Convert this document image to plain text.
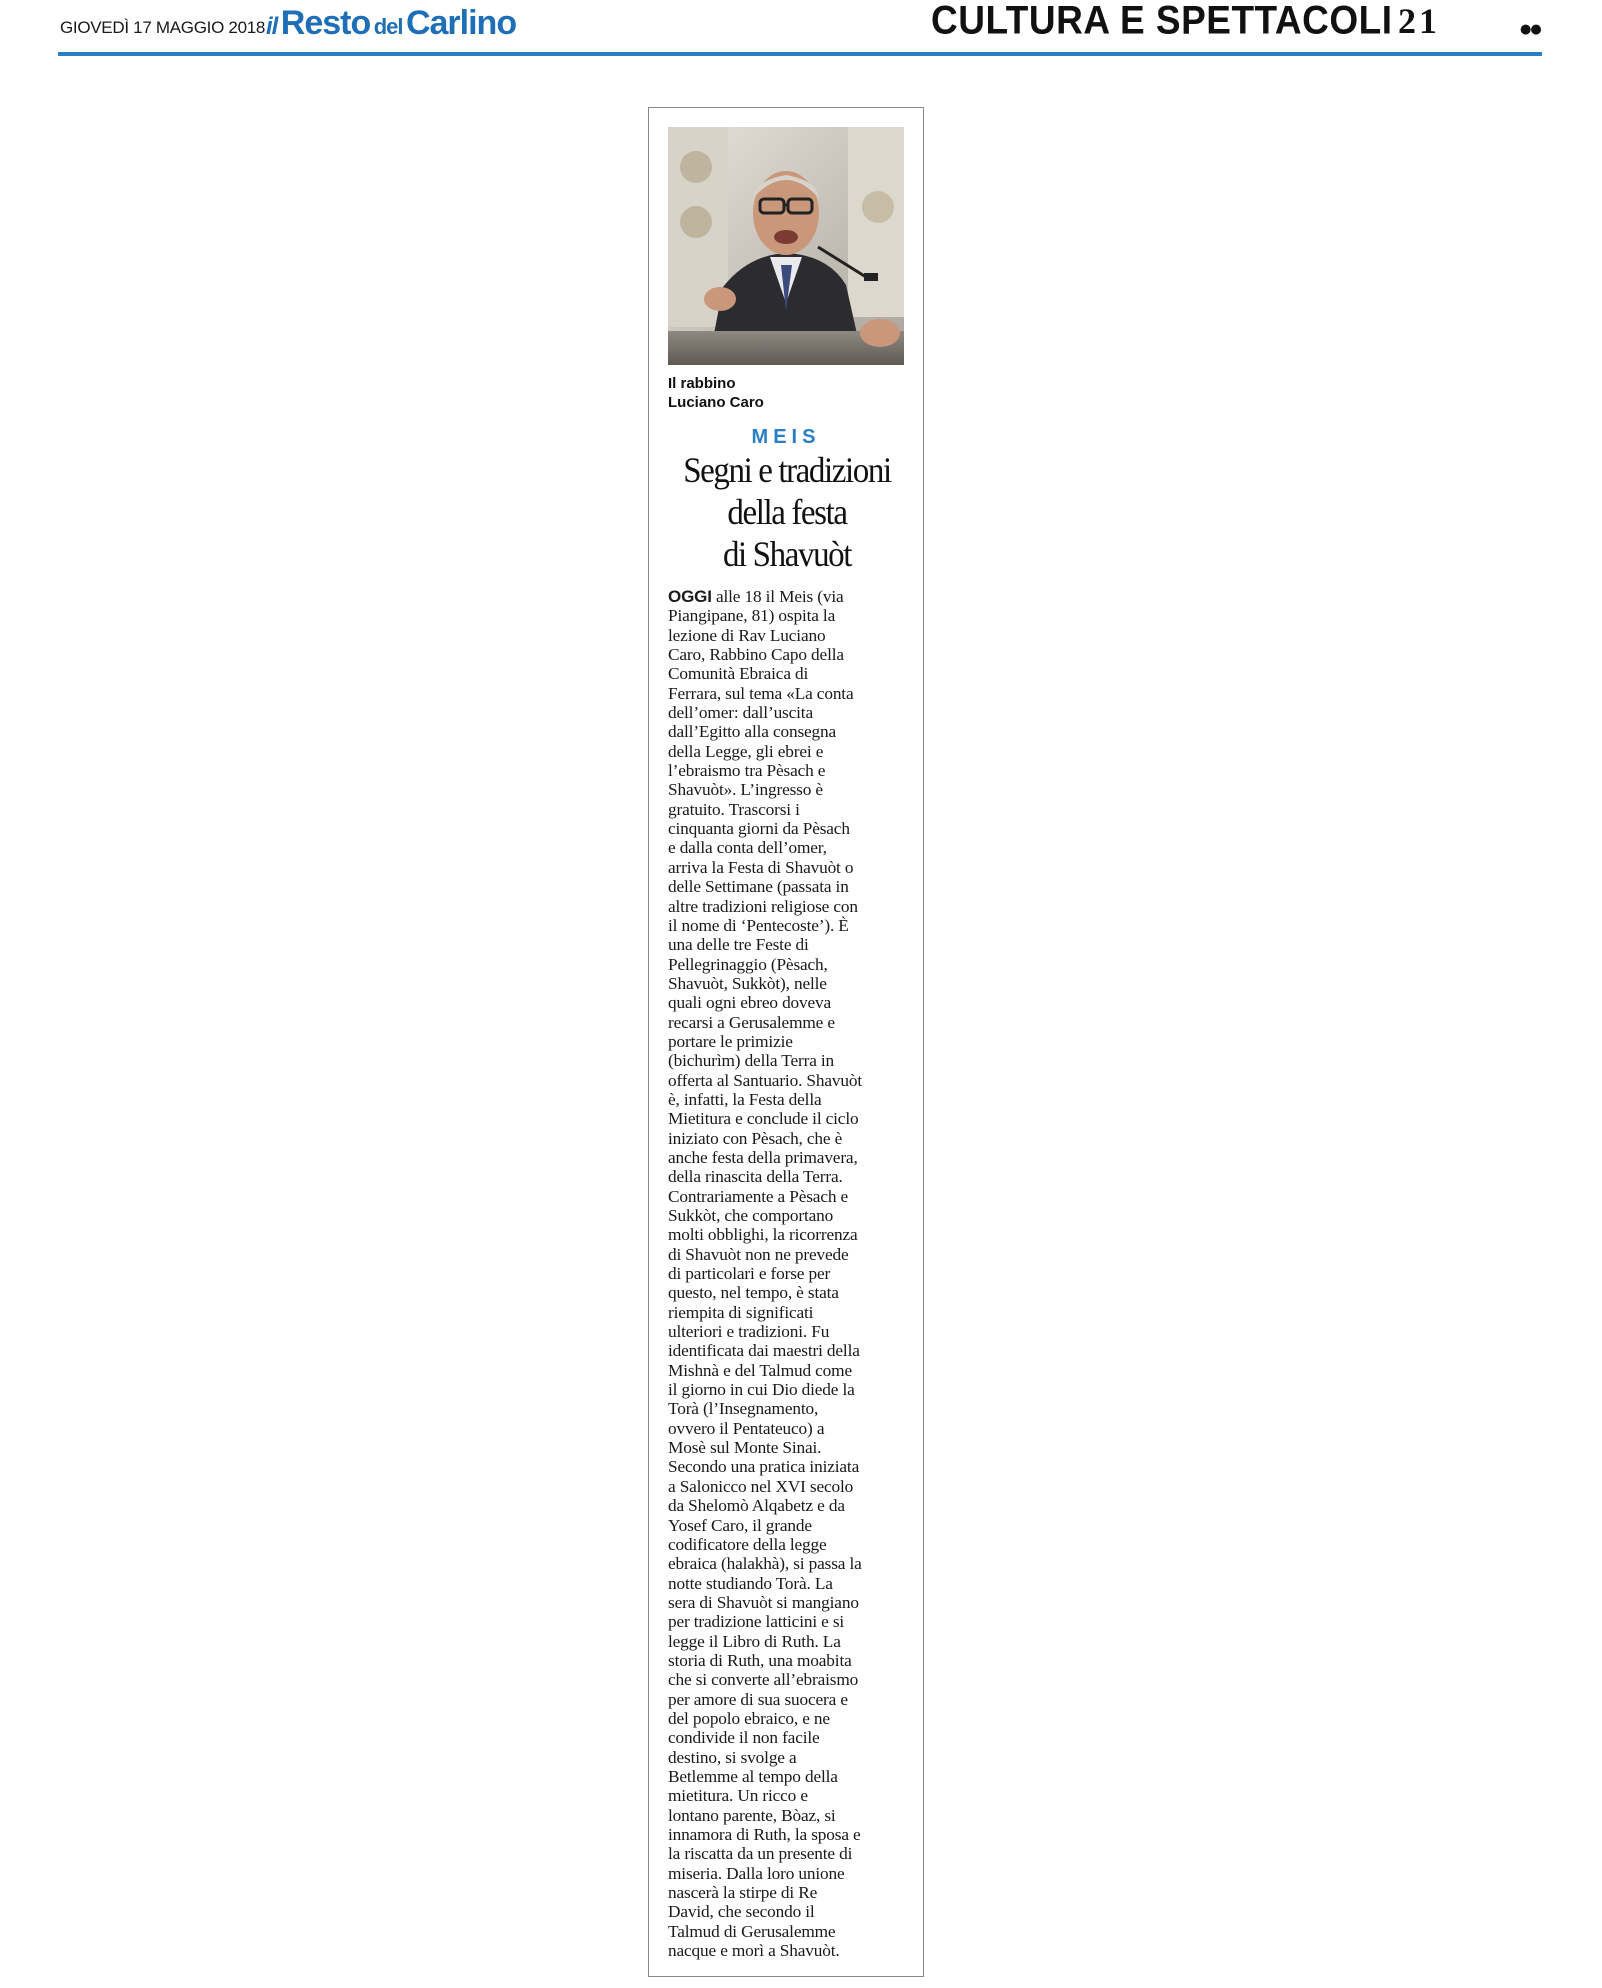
GIOVEDÌ 17 MAGGIO 2018 il Resto del Carlino	CULTURA E SPETTACOLI 21	●●
Il rabbino
Luciano Caro
MEIS
Segni e tradizioni
della festa
di Shavuòt
OGGI alle 18 il Meis (via
Piangipane, 81) ospita la
lezione di Rav Luciano
Caro, Rabbino Capo della
Comunità Ebraica di
Ferrara, sul tema «La conta
dell’omer: dall’uscita
dall’Egitto alla consegna
della Legge, gli ebrei e
l’ebraismo tra Pèsach e
Shavuòt». L’ingresso è
gratuito. Trascorsi i
cinquanta giorni da Pèsach
e dalla conta dell’omer,
arriva la Festa di Shavuòt o
delle Settimane (passata in
altre tradizioni religiose con
il nome di ‘Pentecoste’). È
una delle tre Feste di
Pellegrinaggio (Pèsach,
Shavuòt, Sukkòt), nelle
quali ogni ebreo doveva
recarsi a Gerusalemme e
portare le primizie
(bichurìm) della Terra in
offerta al Santuario. Shavuòt
è, infatti, la Festa della
Mietitura e conclude il ciclo
iniziato con Pèsach, che è
anche festa della primavera,
della rinascita della Terra.
Contrariamente a Pèsach e
Sukkòt, che comportano
molti obblighi, la ricorrenza
di Shavuòt non ne prevede
di particolari e forse per
questo, nel tempo, è stata
riempita di significati
ulteriori e tradizioni. Fu
identificata dai maestri della
Mishnà e del Talmud come
il giorno in cui Dio diede la
Torà (l’Insegnamento,
ovvero il Pentateuco) a
Mosè sul Monte Sinai.
Secondo una pratica iniziata
a Salonicco nel XVI secolo
da Shelomò Alqabetz e da
Yosef Caro, il grande
codificatore della legge
ebraica (halakhà), si passa la
notte studiando Torà. La
sera di Shavuòt si mangiano
per tradizione latticini e si
legge il Libro di Ruth. La
storia di Ruth, una moabita
che si converte all’ebraismo
per amore di sua suocera e
del popolo ebraico, e ne
condivide il non facile
destino, si svolge a
Betlemme al tempo della
mietitura. Un ricco e
lontano parente, Bòaz, si
innamora di Ruth, la sposa e
la riscatta da un presente di
miseria. Dalla loro unione
nascerà la stirpe di Re
David, che secondo il
Talmud di Gerusalemme
nacque e morì a Shavuòt.
